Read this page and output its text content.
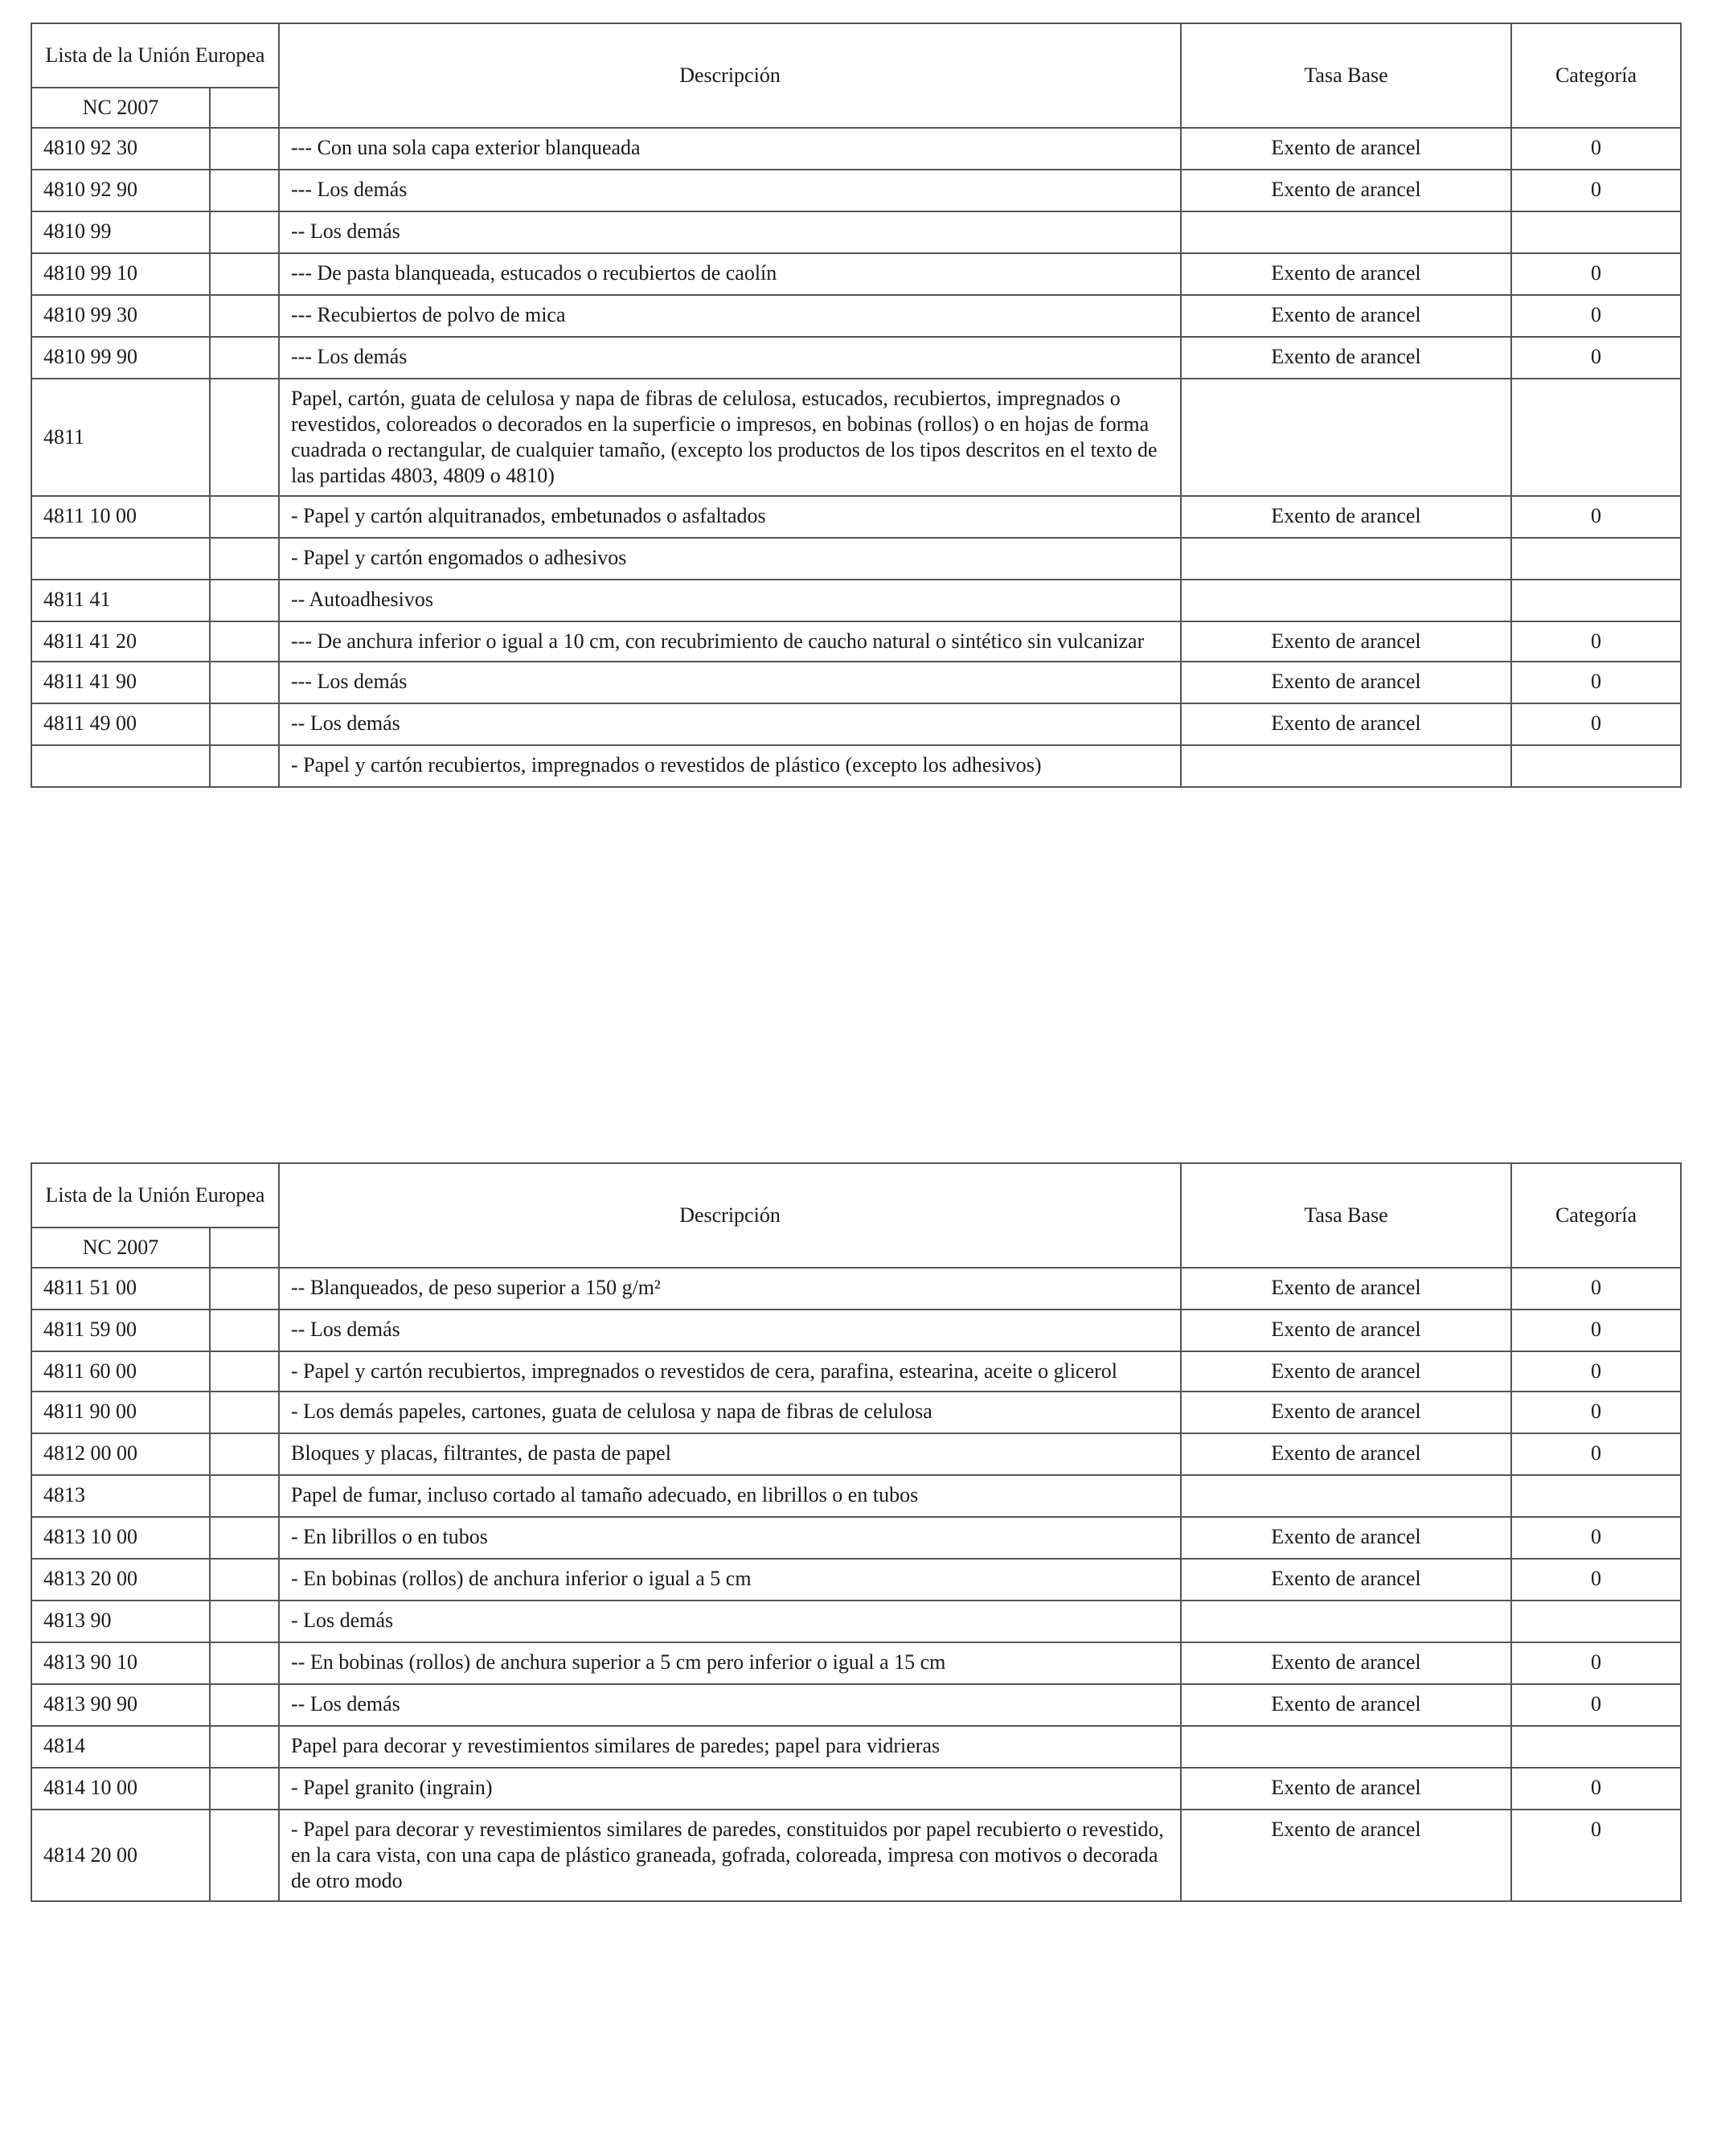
Lista de la Unión Europea		Descripción	Tasa Base	Categoría
NC 2007				
4810 92 30		--- Con una sola capa exterior blanqueada	Exento de arancel	0
4810 92 90		--- Los demás	Exento de arancel	0
4810 99		-- Los demás		
4810 99 10		--- De pasta blanqueada, estucados o recubiertos de caolín	Exento de arancel	0
4810 99 30		--- Recubiertos de polvo de mica	Exento de arancel	0
4810 99 90		--- Los demás	Exento de arancel	0
4811		Papel, cartón, guata de celulosa y napa de fibras de celulosa, estucados, recubiertos, impregnados o revestidos, coloreados o decorados en la superficie o impresos, en bobinas (rollos) o en hojas de forma cuadrada o rectangular, de cualquier tamaño, (excepto los productos de los tipos descritos en el texto de las partidas 4803, 4809 o 4810)		
4811 10 00		- Papel y cartón alquitranados, embetunados o asfaltados	Exento de arancel	0
		- Papel y cartón engomados o adhesivos		
4811 41		-- Autoadhesivos		
4811 41 20		--- De anchura inferior o igual a 10 cm, con recubrimiento de caucho natural o sintético sin vulcanizar	Exento de arancel	0
4811 41 90		--- Los demás	Exento de arancel	0
4811 49 00		-- Los demás	Exento de arancel	0
		- Papel y cartón recubiertos, impregnados o revestidos de plástico (excepto los adhesivos)		
Lista de la Unión Europea		Descripción	Tasa Base	Categoría
NC 2007				
4811 51 00		-- Blanqueados, de peso superior a 150 g/m²	Exento de arancel	0
4811 59 00		-- Los demás	Exento de arancel	0
4811 60 00		- Papel y cartón recubiertos, impregnados o revestidos de cera, parafina, estearina, aceite o glicerol	Exento de arancel	0
4811 90 00		- Los demás papeles, cartones, guata de celulosa y napa de fibras de celulosa	Exento de arancel	0
4812 00 00		Bloques y placas, filtrantes, de pasta de papel	Exento de arancel	0
4813		Papel de fumar, incluso cortado al tamaño adecuado, en librillos o en tubos		
4813 10 00		- En librillos o en tubos	Exento de arancel	0
4813 20 00		- En bobinas (rollos) de anchura inferior o igual a 5 cm	Exento de arancel	0
4813 90		- Los demás		
4813 90 10		-- En bobinas (rollos) de anchura superior a 5 cm pero inferior o igual a 15 cm	Exento de arancel	0
4813 90 90		-- Los demás	Exento de arancel	0
4814		Papel para decorar y revestimientos similares de paredes; papel para vidrieras		
4814 10 00		- Papel granito (ingrain)	Exento de arancel	0
4814 20 00		- Papel para decorar y revestimientos similares de paredes, constituidos por papel recubierto o revestido, en la cara vista, con una capa de plástico graneada, gofrada, coloreada, impresa con motivos o decorada de otro modo	Exento de arancel	0
